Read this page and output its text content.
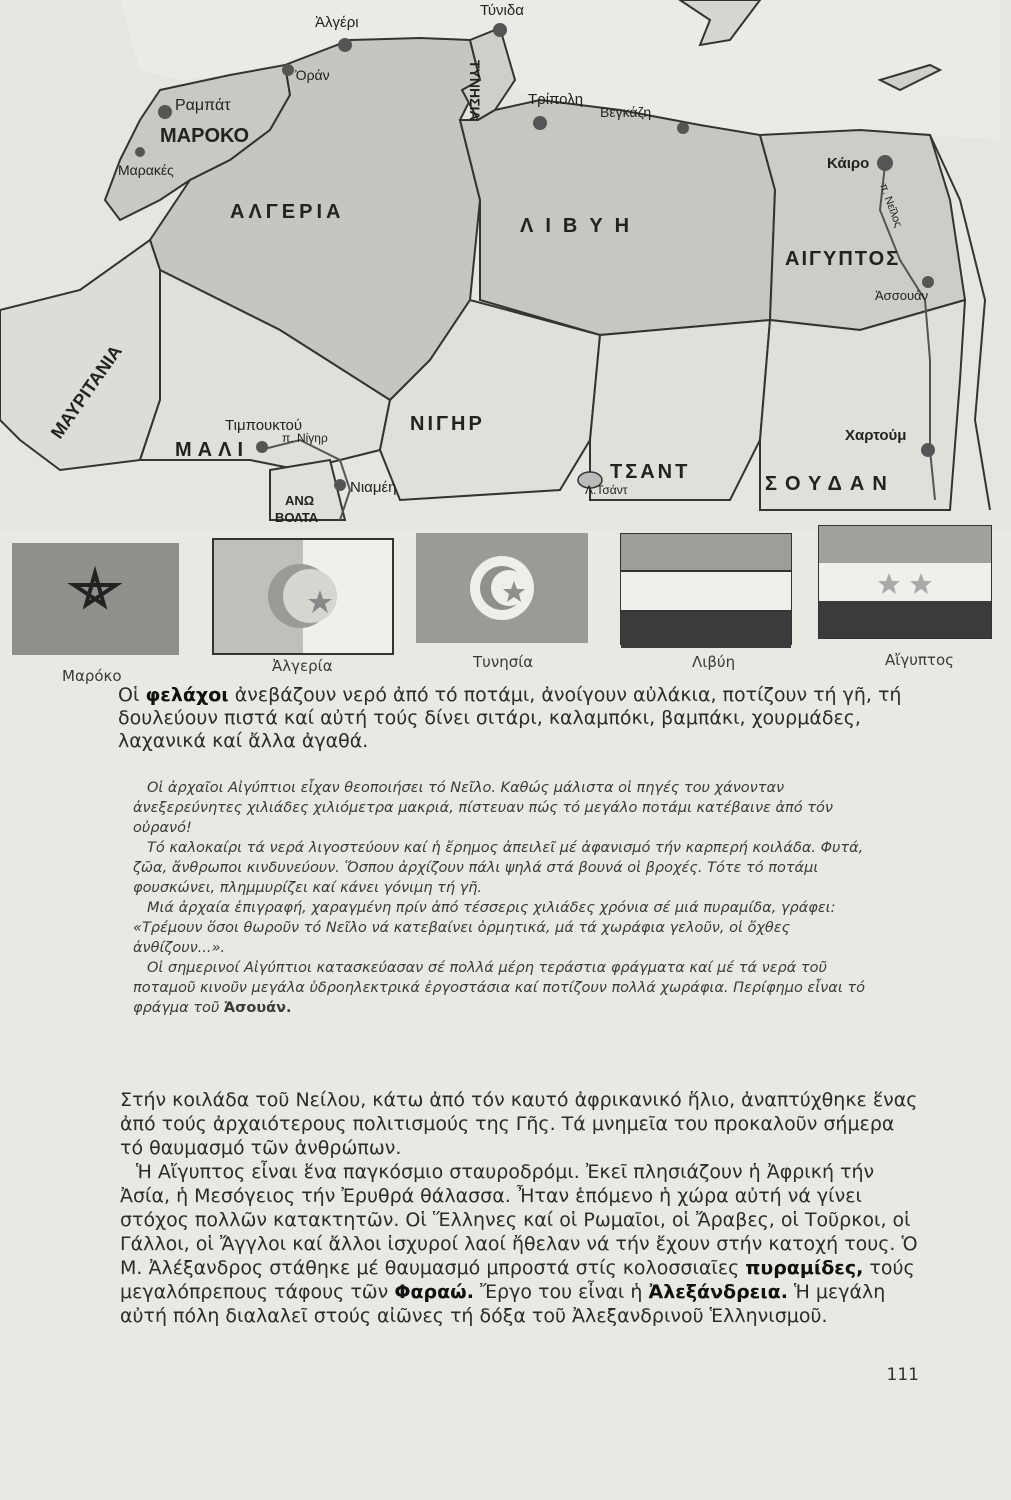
ΜΑΡΟΚΟ
ΑΛΓΕΡΙΑ
ΛΙΒΥΗ
ΑΙΓΥΠΤΟΣ
ΜΑΥΡΙΤΑΝΙΑ
ΜΑΛΙ
ΝΙΓΗΡ
ΤΣΑΝΤ
ΣΟΥΔΑΝ
ΤΥΝΗΣΙΑ
ΑΝΩ
ΒΟΛΤΑ
Ραμπάτ
Μαρακές
Ἀλγέρι
Ὀράν
Τύνιδα
Τρίπολη
Βεγκάζη
Κάιρο
Ἀσσουάν
Χαρτούμ
Τιμπουκτού
Νιαμέη	Λ.Τσάντ
π. Νίγηρ
π. Νεῖλος
Μαρόκο
Ἀλγερία	Τυνησία	Λιβύη	Αἴγυπτος
Οἱ φελάχοι ἀνεβάζουν νερό ἀπό τό ποτάμι, ἀνοίγουν αὐλάκια, ποτίζουν τή γῆ, τή δουλεύουν πιστά καί αὐτή τούς δίνει σιτάρι, καλαμπόκι, βαμπάκι, χουρμάδες, λαχανικά καί ἄλλα ἀγαθά.

Οἱ ἀρχαῖοι Αἰγύπτιοι εἶχαν θεοποιήσει τό Νεῖλο. Καθώς μάλιστα οἱ πηγές του χάνονταν ἀνεξερεύνητες χιλιάδες χιλιόμετρα μακριά, πίστευαν πώς τό μεγάλο ποτάμι κατέβαινε ἀπό τόν οὐρανό!

Τό καλοκαίρι τά νερά λιγοστεύουν καί ἡ ἔρημος ἀπειλεῖ μέ ἀφανισμό τήν καρπερή κοιλάδα. Φυτά, ζῶα, ἄνθρωποι κινδυνεύουν. Ὅσπου ἀρχίζουν πάλι ψηλά στά βουνά οἱ βροχές. Τότε τό ποτάμι φουσκώνει, πλημμυρίζει καί κάνει γόνιμη τή γῆ.

Μιά ἀρχαία ἐπιγραφή, χαραγμένη πρίν ἀπό τέσσερις χιλιάδες χρόνια σέ μιά πυραμίδα, γράφει: «Τρέμουν ὅσοι θωροῦν τό Νεῖλο νά κατεβαίνει ὁρμητικά, μά τά χωράφια γελοῦν, οἱ ὄχθες ἀνθίζουν...».

Οἱ σημερινοί Αἰγύπτιοι κατασκεύασαν σέ πολλά μέρη τεράστια φράγματα καί μέ τά νερά τοῦ ποταμοῦ κινοῦν μεγάλα ὑδροηλεκτρικά ἐργοστάσια καί ποτίζουν πολλά χωράφια. Περίφημο εἶναι τό φράγμα τοῦ Ἀσουάν.

Στήν κοιλάδα τοῦ Νείλου, κάτω ἀπό τόν καυτό ἀφρικανικό ἥλιο, ἀναπτύχθηκε ἕνας ἀπό τούς ἀρχαιότερους πολιτισμούς της Γῆς. Τά μνημεῖα του προκαλοῦν σήμερα τό θαυμασμό τῶν ἀνθρώπων.

Ἡ Αἴγυπτος εἶναι ἕνα παγκόσμιο σταυροδρόμι. Ἐκεῖ πλησιάζουν ἡ Ἀφρική τήν Ἀσία, ἡ Μεσόγειος τήν Ἐρυθρά θάλασσα. Ἦταν ἑπόμενο ἡ χώρα αὐτή νά γίνει στόχος πολλῶν κατακτητῶν. Οἱ Ἕλληνες καί οἱ Ρωμαῖοι, οἱ Ἄραβες, οἱ Τοῦρκοι, οἱ Γάλλοι, οἱ Ἄγγλοι καί ἄλλοι ἰσχυροί λαοί ἤθελαν νά τήν ἔχουν στήν κατοχή τους. Ὁ Μ. Ἀλέξανδρος στάθηκε μέ θαυμασμό μπροστά στίς κολοσσιαῖες πυραμίδες, τούς μεγαλόπρεπους τάφους τῶν Φαραώ. Ἔργο του εἶναι ἡ Ἀλεξάνδρεια. Ἡ μεγάλη αὐτή πόλη διαλαλεῖ στούς αἰῶνες τή δόξα τοῦ Ἀλεξανδρινοῦ Ἑλληνισμοῦ.

111
